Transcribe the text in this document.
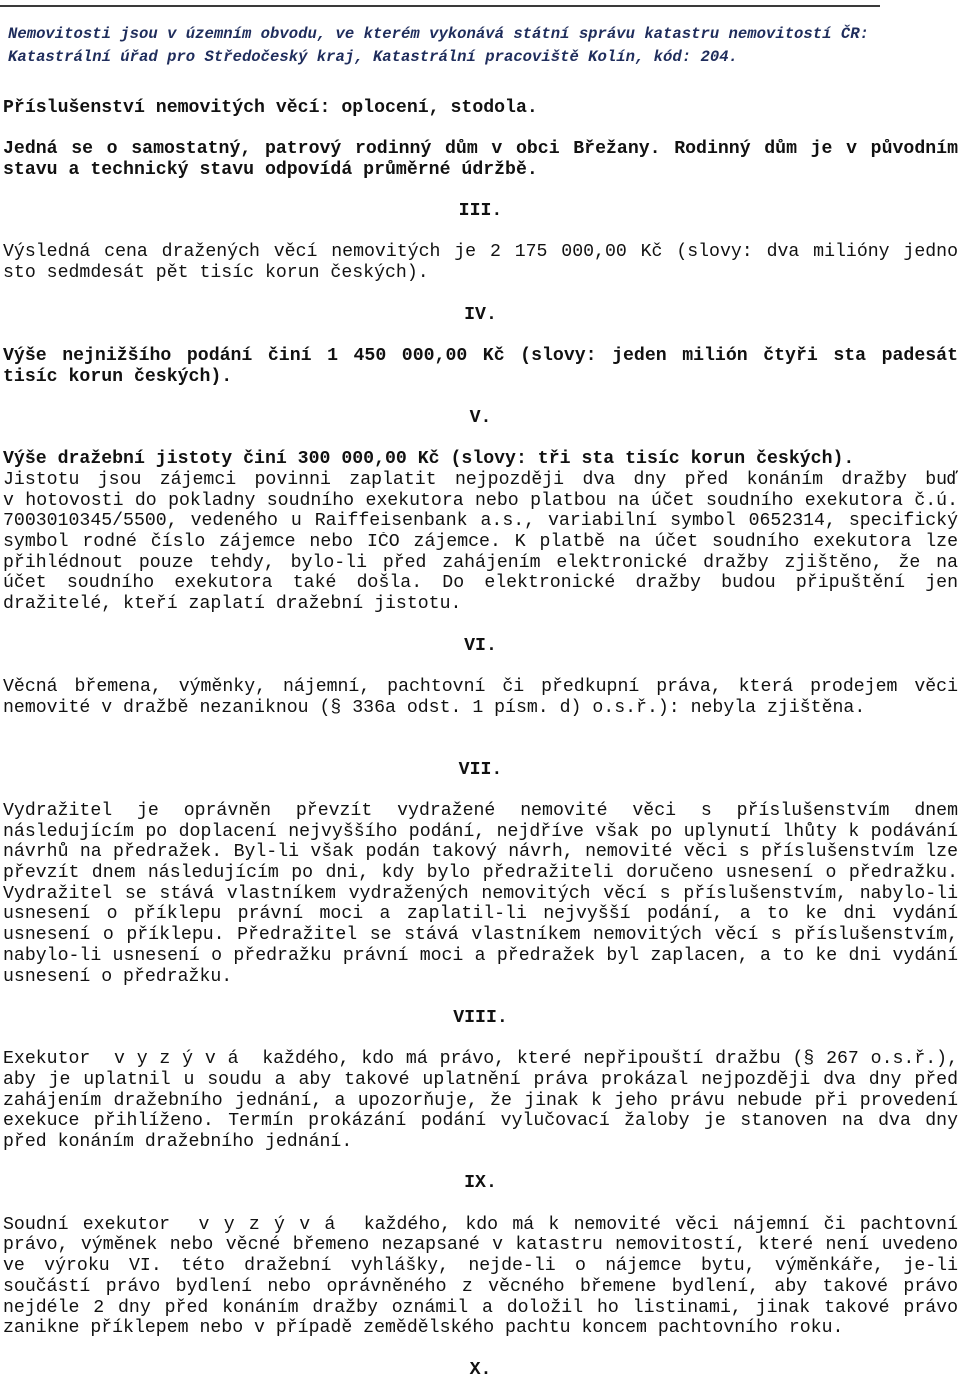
Nemovitosti jsou v územním obvodu, ve kterém vykonává státní správu katastru nemovitostí ČR:
Katastrální úřad pro Středočeský kraj, Katastrální pracoviště Kolín, kód: 204.
Příslušenství nemovitých věcí: oplocení, stodola.
Jedná se o samostatný, patrový rodinný dům v obci Břežany. Rodinný dům je v původním
stavu a technický stavu odpovídá průměrné údržbě.
III.
Výsledná cena dražených věcí nemovitých je 2 175 000,00 Kč (slovy: dva milióny jedno
sto sedmdesát pět tisíc korun českých).
IV.
Výše nejnižšího podání činí 1 450 000,00 Kč (slovy: jeden milión čtyři sta padesát
tisíc korun českých).
V.
Výše dražební jistoty činí 300 000,00 Kč (slovy: tři sta tisíc korun českých).
Jistotu jsou zájemci povinni zaplatit nejpozději dva dny před konáním dražby buď
v hotovosti do pokladny soudního exekutora nebo platbou na účet soudního exekutora č.ú.
7003010345/5500, vedeného u Raiffeisenbank a.s., variabilní symbol 0652314, specifický
symbol rodné číslo zájemce nebo IČO zájemce. K platbě na účet soudního exekutora lze
přihlédnout pouze tehdy, bylo-li před zahájením elektronické dražby zjištěno, že na
účet soudního exekutora také došla. Do elektronické dražby budou připuštění jen
dražitelé, kteří zaplatí dražební jistotu.
VI.
Věcná břemena, výměnky, nájemní, pachtovní či předkupní práva, která prodejem věci
nemovité v dražbě nezaniknou (§ 336a odst. 1 písm. d) o.s.ř.): nebyla zjištěna.
VII.
Vydražitel je oprávněn převzít vydražené nemovité věci s příslušenstvím dnem
následujícím po doplacení nejvyššího podání, nejdříve však po uplynutí lhůty k podávání
návrhů na předražek. Byl-li však podán takový návrh, nemovité věci s příslušenstvím lze
převzít dnem následujícím po dni, kdy bylo předražiteli doručeno usnesení o předražku.
Vydražitel se stává vlastníkem vydražených nemovitých věcí s příslušenstvím, nabylo-li
usnesení o příklepu právní moci a zaplatil-li nejvyšší podání, a to ke dni vydání
usnesení o příklepu. Předražitel se stává vlastníkem nemovitých věcí s příslušenstvím,
nabylo-li usnesení o předražku právní moci a předražek byl zaplacen, a to ke dni vydání
usnesení o předražku.
VIII.
Exekutor  v y z ý v á  každého, kdo má právo, které nepřipouští dražbu (§ 267 o.s.ř.),
aby je uplatnil u soudu a aby takové uplatnění práva prokázal nejpozději dva dny před
zahájením dražebního jednání, a upozorňuje, že jinak k jeho právu nebude při provedení
exekuce přihlíženo. Termín prokázání podání vylučovací žaloby je stanoven na dva dny
před konáním dražebního jednání.
IX.
Soudní exekutor  v y z ý v á  každého, kdo má k nemovité věci nájemní či pachtovní
právo, výměnek nebo věcné břemeno nezapsané v katastru nemovitostí, které není uvedeno
ve výroku VI. této dražební vyhlášky, nejde-li o nájemce bytu, výměnkáře, je-li
součástí právo bydlení nebo oprávněného z věcného břemene bydlení, aby takové právo
nejdéle 2 dny před konáním dražby oznámil a doložil ho listinami, jinak takové právo
zanikne příklepem nebo v případě zemědělského pachtu koncem pachtovního roku.
X.
